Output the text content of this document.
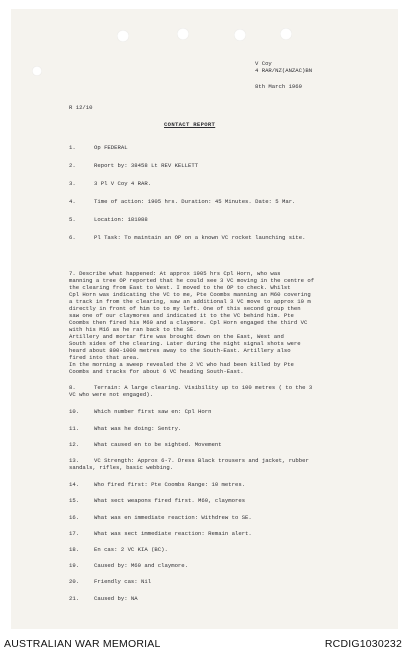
V Coy
4 RAR/NZ(ANZAC)BN
8th March 1969
R 12/10
CONTACT REPORT
1.	Op FEDERAL
2.	Report by: 38458 Lt REV KELLETT
3.	3 Pl V Coy 4 RAR.
4.	Time of action: 1905 hrs. Duration: 45 Minutes. Date: 5 Mar.
5.	Location: 181088
6.	Pl Task: To maintain an OP on a known VC rocket launching site.
7. Describe what happened: At approx 1905 hrs Cpl Horn, who was
manning a tree OP reported that he could see 3 VC moving in the centre of
the clearing from East to West. I moved to the OP to check. Whilst
Cpl Horn was indicating the VC to me, Pte Coombs manning an M60 covering
a track in from the clearing, saw an additional 3 VC move to approx 10 m
directly in front of him to to my left. One of this second group then
saw one of our claymores and indicated it to the VC behind him. Pte
Coombs then fired his M60 and a claymore. Cpl Horn engaged the third VC
with his M16 as he ran back to the SE.
Artillery and mortar fire was brought down on the East, West and
South sides of the clearing. Later during the night signal shots were
heard about 800-1000 metres away to the South-East. Artillery also
fired into that area.
In the morning a sweep revealed the 2 VC who had been killed by Pte
Coombs and tracks for about 6 VC heading South-East.
8.	Terrain: A large clearing. Visibility up to 100 metres ( to the 3
VC who were not engaged).
10.	Which number first saw en: Cpl Horn
11.	What was he doing: Sentry.
12.	What caused en to be sighted. Movement
13.	VC Strength: Approx 6-7. Dress Black trousers and jacket, rubber
sandals, rifles, basic webbing.
14.	Who fired first: Pte Coombs Range: 10 metres.
15.	What sect weapons fired first. M60, claymores
16.	What was en immediate reaction: Withdrew to SE.
17.	What was sect immediate reaction: Remain alert.
18.	En cas: 2 VC KIA (BC).
19.	Caused by: M60 and claymore.
20.	Friendly cas: Nil
21.	Caused by: NA
AUSTRALIAN WAR MEMORIAL	RCDIG1030232
